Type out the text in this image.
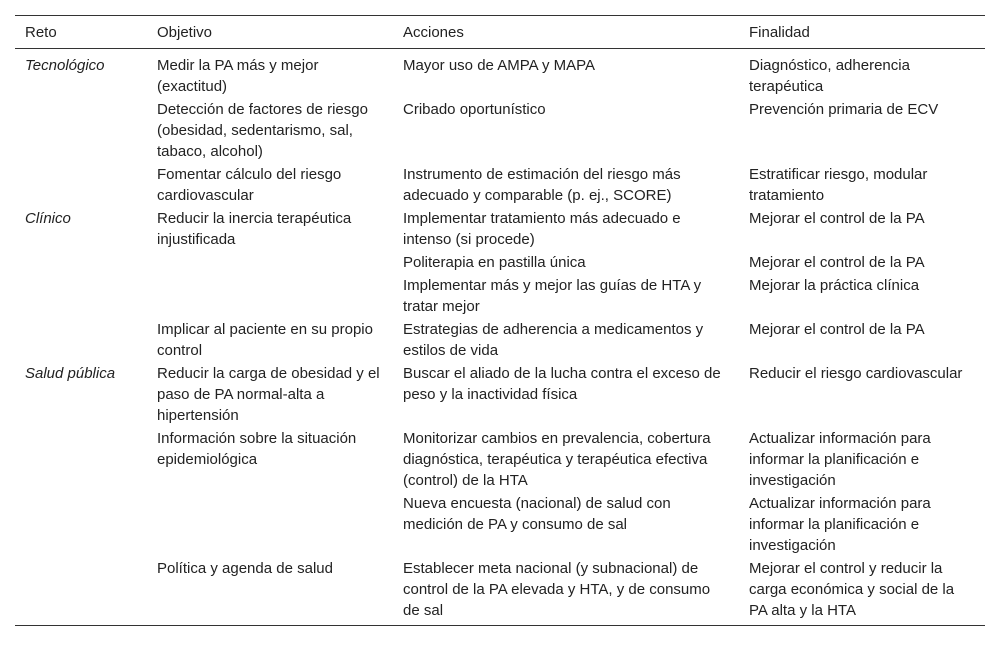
Reto	Objetivo	Acciones	Finalidad
Tecnológico	Medir la PA más y mejor (exactitud)	Mayor uso de AMPA y MAPA	Diagnóstico, adherencia terapéutica
	Detección de factores de riesgo (obesidad, sedentarismo, sal, tabaco, alcohol)	Cribado oportunístico	Prevención primaria de ECV
	Fomentar cálculo del riesgo cardiovascular	Instrumento de estimación del riesgo más adecuado y comparable (p. ej., SCORE)	Estratificar riesgo, modular tratamiento
Clínico	Reducir la inercia terapéutica injustificada	Implementar tratamiento más adecuado e intenso (si procede)	Mejorar el control de la PA
		Politerapia en pastilla única	Mejorar el control de la PA
		Implementar más y mejor las guías de HTA y tratar mejor	Mejorar la práctica clínica
	Implicar al paciente en su propio control	Estrategias de adherencia a medicamentos y estilos de vida	Mejorar el control de la PA
Salud pública	Reducir la carga de obesidad y el paso de PA normal-alta a hipertensión	Buscar el aliado de la lucha contra el exceso de peso y la inactividad física	Reducir el riesgo cardiovascular
	Información sobre la situación epidemiológica	Monitorizar cambios en prevalencia, cobertura diagnóstica, terapéutica y terapéutica efectiva (control) de la HTA	Actualizar información para informar la planificación e investigación
		Nueva encuesta (nacional) de salud con medición de PA y consumo de sal	Actualizar información para informar la planificación e investigación
	Política y agenda de salud	Establecer meta nacional (y subnacional) de control de la PA elevada y HTA, y de consumo de sal	Mejorar el control y reducir la carga económica y social de la PA alta y la HTA
